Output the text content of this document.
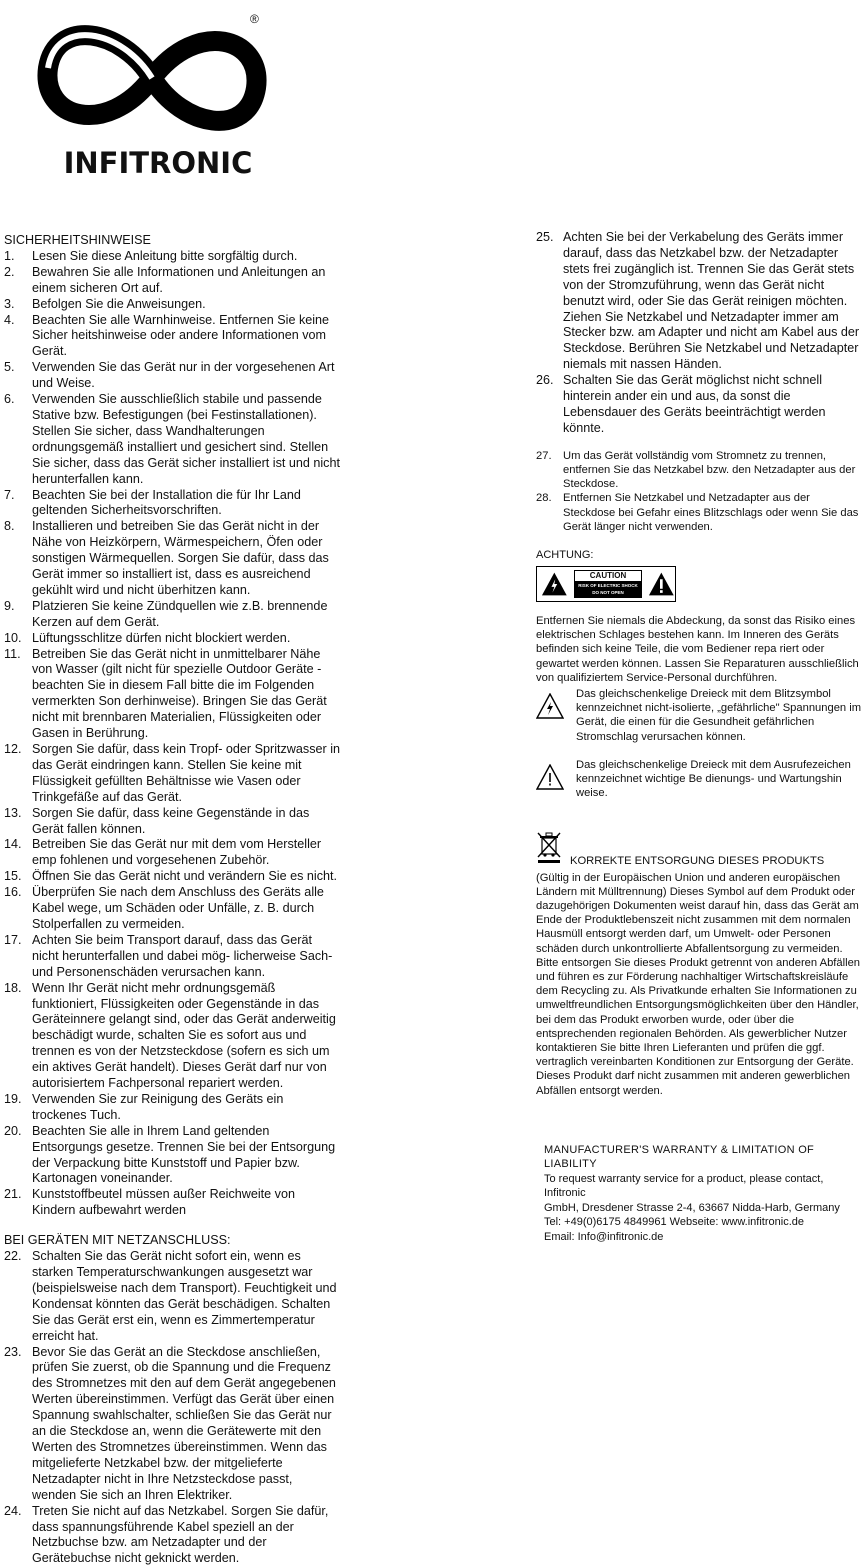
®
INFITRONIC

SICHERHEITSHINWEISE

1.	Lesen Sie diese Anleitung bitte sorgfältig durch.
2.	Bewahren Sie alle Informationen und Anleitungen an einem sicheren Ort auf.
3.	Befolgen Sie die Anweisungen.
4.	Beachten Sie alle Warnhinweise. Entfernen Sie keine Sicher heitshinweise oder andere Informationen vom Gerät.
5.	Verwenden Sie das Gerät nur in der vorgesehenen Art und Weise.
6.	Verwenden Sie ausschließlich stabile und passende Stative bzw. Befestigungen (bei Festinstallationen). Stellen Sie sicher, dass Wandhalterungen ordnungsgemäß installiert und gesichert sind. Stellen Sie sicher, dass das Gerät sicher installiert ist und nicht herunterfallen kann.
7.	Beachten Sie bei der Installation die für Ihr Land geltenden Sicherheitsvorschriften.
8.	Installieren und betreiben Sie das Gerät nicht in der Nähe von Heizkörpern, Wärmespeichern, Öfen oder sonstigen Wärmequellen. Sorgen Sie dafür, dass das Gerät immer so installiert ist, dass es ausreichend gekühlt wird und nicht überhitzen kann.
9.	Platzieren Sie keine Zündquellen wie z.B. brennende Kerzen auf dem Gerät.
10. Lüftungsschlitze dürfen nicht blockiert werden.
11. Betreiben Sie das Gerät nicht in unmittelbarer Nähe von Wasser (gilt nicht für spezielle Outdoor Geräte - beachten Sie in diesem Fall bitte die im Folgenden vermerkten Son derhinweise). Bringen Sie das Gerät nicht mit brennbaren Materialien, Flüssigkeiten oder Gasen in Berührung.
12. Sorgen Sie dafür, dass kein Tropf- oder Spritzwasser in das Gerät eindringen kann. Stellen Sie keine mit Flüssigkeit gefüllten Behältnisse wie Vasen oder Trinkgefäße auf das Gerät.
13. Sorgen Sie dafür, dass keine Gegenstände in das Gerät fallen können.
14. Betreiben Sie das Gerät nur mit dem vom Hersteller emp fohlenen und vorgesehenen Zubehör.
15. Öffnen Sie das Gerät nicht und verändern Sie es nicht.
16. Überprüfen Sie nach dem Anschluss des Geräts alle Kabel wege, um Schäden oder Unfälle, z. B. durch Stolperfallen zu vermeiden.
17. Achten Sie beim Transport darauf, dass das Gerät nicht herunterfallen und dabei mög- licherweise Sach- und Personenschäden verursachen kann.
18. Wenn Ihr Gerät nicht mehr ordnungsgemäß funktioniert, Flüssigkeiten oder Gegenstände in das Geräteinnere gelangt sind, oder das Gerät anderweitig beschädigt wurde, schalten Sie es sofort aus und trennen es von der Netzsteckdose (sofern es sich um ein aktives Gerät handelt). Dieses Gerät darf nur von autorisiertem Fachpersonal repariert werden.
19. Verwenden Sie zur Reinigung des Geräts ein trockenes Tuch.
20. Beachten Sie alle in Ihrem Land geltenden Entsorgungs gesetze. Trennen Sie bei der Entsorgung der Verpackung bitte Kunststoff und Papier bzw. Kartonagen voneinander.
21. Kunststoffbeutel müssen außer Reichweite von Kindern aufbewahrt werden

BEI GERÄTEN MIT NETZANSCHLUSS:

22. Schalten Sie das Gerät nicht sofort ein, wenn es starken Temperaturschwankungen ausgesetzt war (beispielsweise nach dem Transport). Feuchtigkeit und Kondensat könnten das Gerät beschädigen. Schalten Sie das Gerät erst ein, wenn es Zimmertemperatur erreicht hat.
23. Bevor Sie das Gerät an die Steckdose anschließen, prüfen Sie zuerst, ob die Spannung und die Frequenz des Stromnetzes mit den auf dem Gerät angegebenen Werten übereinstimmen. Verfügt das Gerät über einen Spannung swahlschalter, schließen Sie das Gerät nur an die Steckdose an, wenn die Gerätewerte mit den Werten des Stromnetzes übereinstimmen. Wenn das mitgelieferte Netzkabel bzw. der mitgelieferte Netzadapter nicht in Ihre Netzsteckdose passt, wenden Sie sich an Ihren Elektriker.
24. Treten Sie nicht auf das Netzkabel. Sorgen Sie dafür, dass spannungsführende Kabel speziell an der Netzbuchse bzw. am Netzadapter und der Gerätebuchse nicht geknickt werden.
25. Achten Sie bei der Verkabelung des Geräts immer darauf, dass das Netzkabel bzw. der Netzadapter stets frei zugänglich ist. Trennen Sie das Gerät stets von der Stromzuführung, wenn das Gerät nicht benutzt wird, oder Sie das Gerät reinigen möchten. Ziehen Sie Netzkabel und Netzadapter immer am Stecker bzw. am Adapter und nicht am Kabel aus der Steckdose. Berühren Sie Netzkabel und Netzadapter niemals mit nassen Händen.
26. Schalten Sie das Gerät möglichst nicht schnell hinterein ander ein und aus, da sonst die Lebensdauer des Geräts beeinträchtigt werden könnte.
27.	Um das Gerät vollständig vom Stromnetz zu trennen, entfernen Sie das Netzkabel bzw. den Netzadapter aus der Steckdose.
28.	Entfernen Sie Netzkabel und Netzadapter aus der Steckdose bei Gefahr eines Blitzschlags oder wenn Sie das Gerät länger nicht verwenden.

ACHTUNG:

CAUTION
RISK OF ELECTRIC SHOCK DO NOT OPEN

Entfernen Sie niemals die Abdeckung, da sonst das Risiko eines elektrischen Schlages bestehen kann. Im Inneren des Geräts befinden sich keine Teile, die vom Bediener repa riert oder gewartet werden können. Lassen Sie Reparaturen ausschließlich von qualifiziertem Service-Personal durchführen.

Das gleichschenkelige Dreieck mit dem Blitzsymbol kennzeichnet nicht-isolierte, „gefährliche" Spannungen im Gerät, die einen für die Gesundheit gefährlichen Stromschlag verursachen können.
Das gleichschenkelige Dreieck mit dem Ausrufezeichen kennzeichnet wichtige Be dienungs- und Wartungshin weise.
KORREKTE ENTSORGUNG DIESES PRODUKTS

(Gültig in der Europäischen Union und anderen europäischen Ländern mit Mülltrennung) Dieses Symbol auf dem Produkt oder dazugehörigen Dokumenten weist darauf hin, dass das Gerät am Ende der Produktlebenszeit nicht zusammen mit dem normalen Hausmüll entsorgt werden darf, um Umwelt- oder Personen schäden durch unkontrollierte Abfallentsorgung zu vermeiden. Bitte entsorgen Sie dieses Produkt getrennt von anderen Abfällen und führen es zur Förderung nachhaltiger Wirtschaftskreisläufe dem Recycling zu. Als Privatkunde erhalten Sie Informationen zu umweltfreundlichen Entsorgungsmöglichkeiten über den Händler, bei dem das Produkt erworben wurde, oder über die entsprechenden regionalen Behörden. Als gewerblicher Nutzer kontaktieren Sie bitte Ihren Lieferanten und prüfen die ggf. vertraglich vereinbarten Konditionen zur Entsorgung der Geräte. Dieses Produkt darf nicht zusammen mit anderen gewerblichen Abfällen entsorgt werden.

MANUFACTURER'S WARRANTY & LIMITATION OF LIABILITY
To request warranty service for a product, please contact, Infitronic
GmbH, Dresdener Strasse 2-4, 63667 Nidda-Harb, Germany
Tel: +49(0)6175 4849961 Webseite: www.infitronic.de
Email: Info@infitronic.de
